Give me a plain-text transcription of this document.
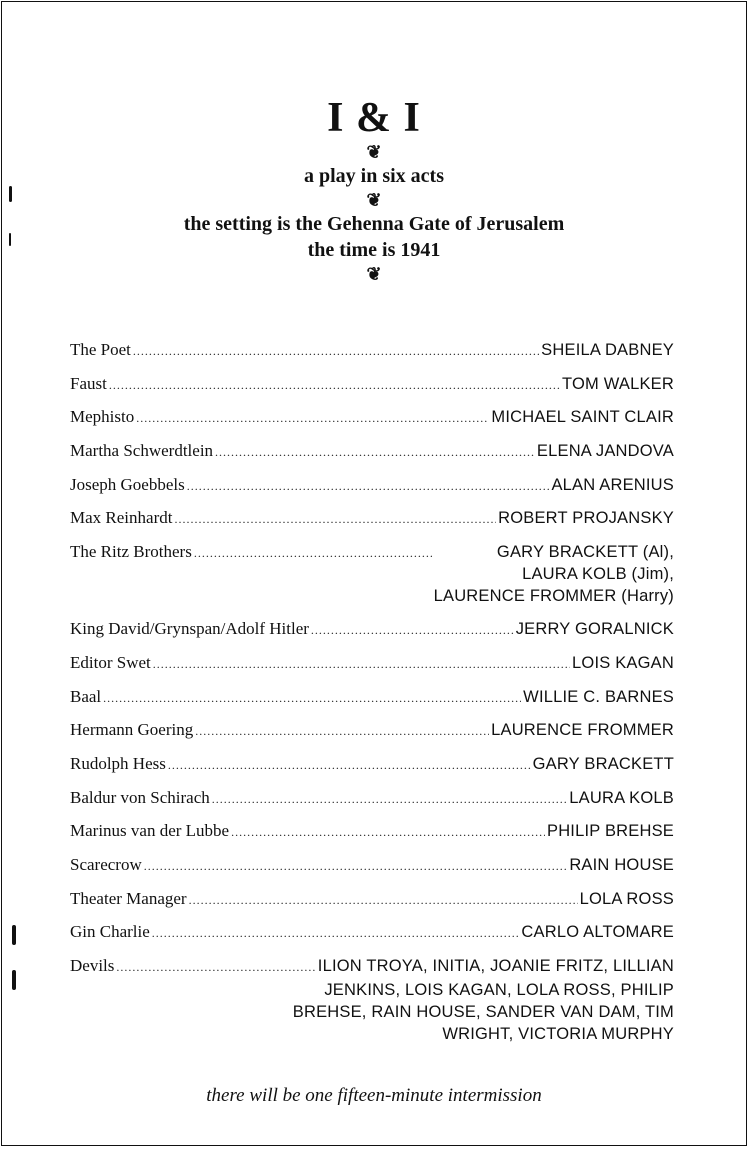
I & I
❦
a play in six acts
❦
the setting is the Gehenna Gate of Jerusalem
the time is 1941
❦
The Poet .....	SHEILA DABNEY
Faust .....	TOM WALKER
Mephisto .....	MICHAEL SAINT CLAIR
Martha Schwerdtlein .....	ELENA JANDOVA
Joseph Goebbels .....	ALAN ARENIUS
Max Reinhardt .....	ROBERT PROJANSKY
The Ritz Brothers .....	GARY BRACKETT (Al),
LAURA KOLB (Jim),
LAURENCE FROMMER (Harry)
King David/Grynspan/Adolf Hitler .....	JERRY GORALNICK
Editor Swet .....	LOIS KAGAN
Baal .....	WILLIE C. BARNES
Hermann Goering .....	LAURENCE FROMMER
Rudolph Hess .....	GARY BRACKETT
Baldur von Schirach .....	LAURA KOLB
Marinus van der Lubbe .....	PHILIP BREHSE
Scarecrow .....	RAIN HOUSE
Theater Manager .....	LOLA ROSS
Gin Charlie .....	CARLO ALTOMARE
Devils .....	ILION TROYA, INITIA, JOANIE FRITZ, LILLIAN
JENKINS, LOIS KAGAN, LOLA ROSS, PHILIP
BREHSE, RAIN HOUSE, SANDER VAN DAM, TIM
WRIGHT, VICTORIA MURPHY
there will be one fifteen-minute intermission
